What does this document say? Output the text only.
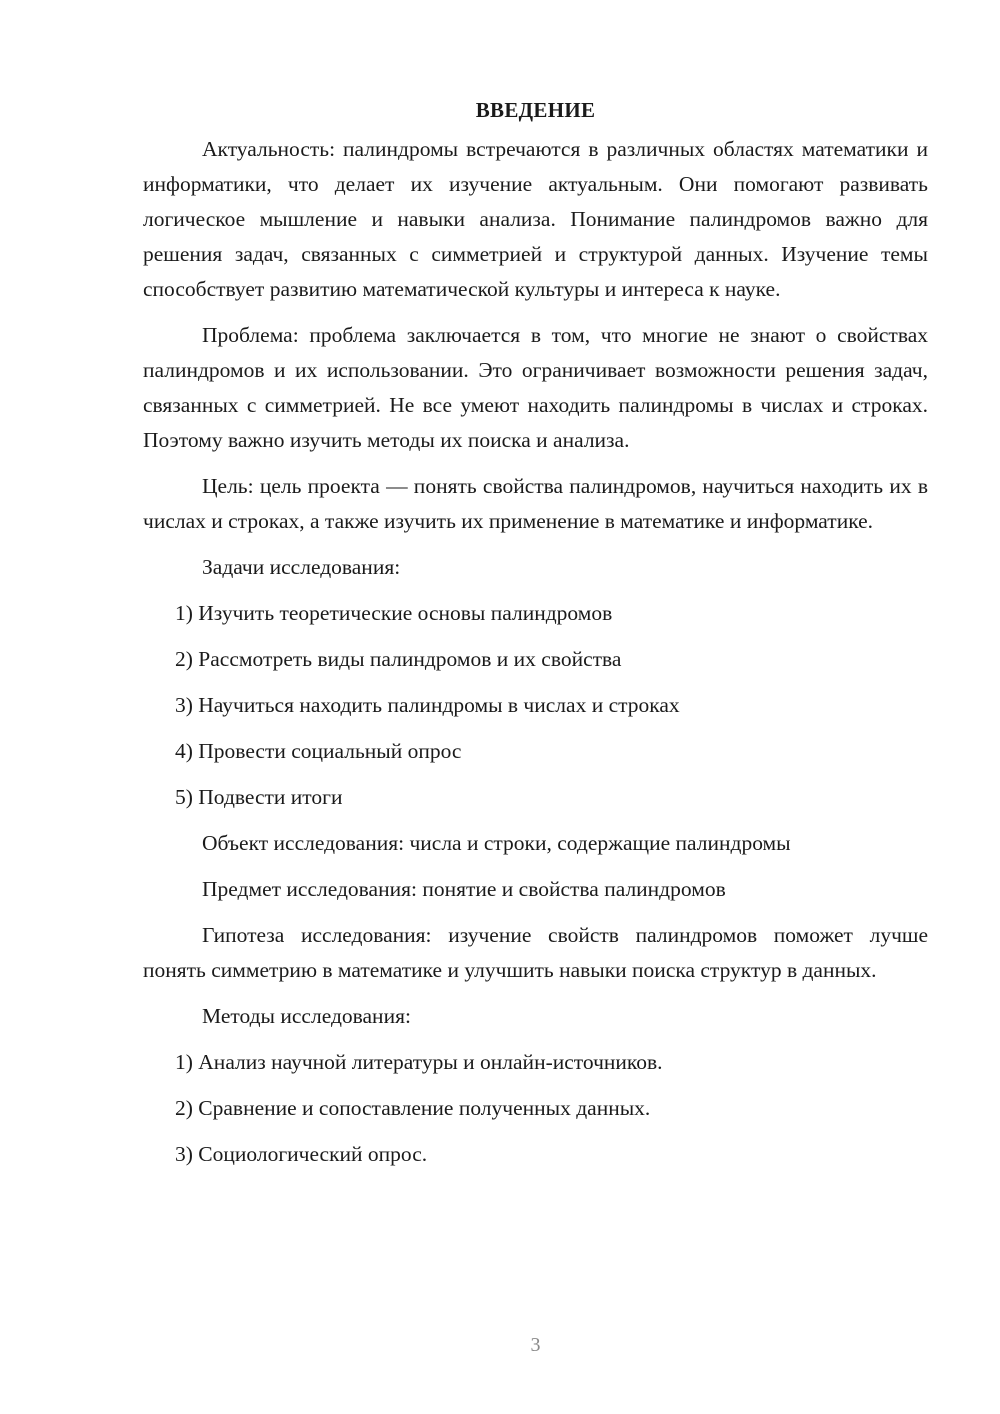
ВВЕДЕНИЕ

Актуальность: палиндромы встречаются в различных областях математики и информатики, что делает их изучение актуальным. Они помогают развивать логическое мышление и навыки анализа. Понимание палиндромов важно для решения задач, связанных с симметрией и структурой данных. Изучение темы способствует развитию математической культуры и интереса к науке.

Проблема: проблема заключается в том, что многие не знают о свойствах палиндромов и их использовании. Это ограничивает возможности решения задач, связанных с симметрией. Не все умеют находить палиндромы в числах и строках. Поэтому важно изучить методы их поиска и анализа.

Цель: цель проекта — понять свойства палиндромов, научиться находить их в числах и строках, а также изучить их применение в математике и информатике.

Задачи исследования:
1) Изучить теоретические основы палиндромов
2) Рассмотреть виды палиндромов и их свойства
3) Научиться находить палиндромы в числах и строках
4) Провести социальный опрос
5) Подвести итоги
Объект исследования: числа и строки, содержащие палиндромы
Предмет исследования: понятие и свойства палиндромов

Гипотеза исследования: изучение свойств палиндромов поможет лучше понять симметрию в математике и улучшить навыки поиска структур в данных.

Методы исследования:
1) Анализ научной литературы и онлайн-источников.
2) Сравнение и сопоставление полученных данных.
3) Социологический опрос.
3
